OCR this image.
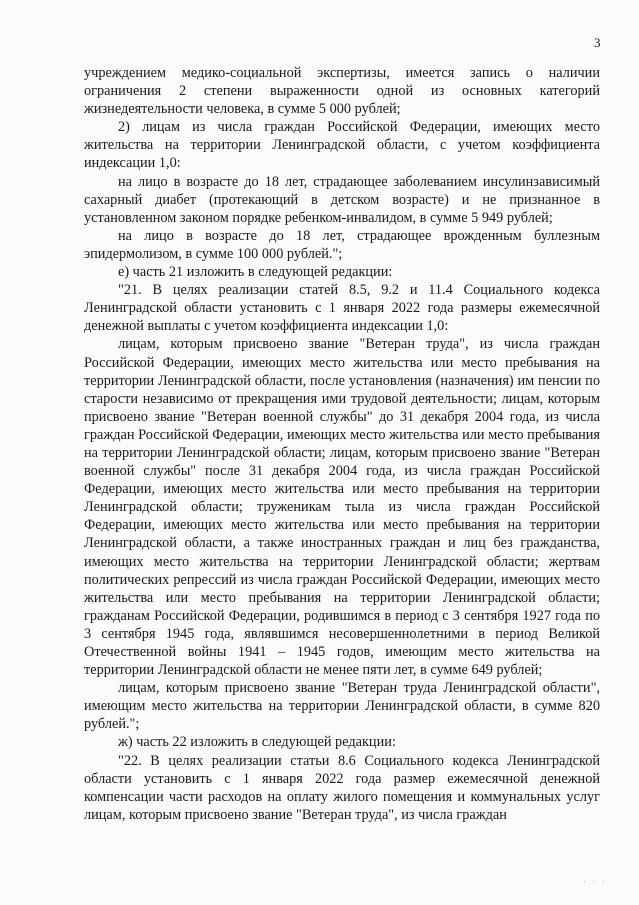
3

учреждением медико-социальной экспертизы, имеется запись о наличии ограничения 2 степени выраженности одной из основных категорий жизнедеятельности человека, в сумме 5 000 рублей;

2) лицам из числа граждан Российской Федерации, имеющих место жительства на территории Ленинградской области, с учетом коэффициента индексации 1,0:

на лицо в возрасте до 18 лет, страдающее заболеванием инсулинзависимый сахарный диабет (протекающий в детском возрасте) и не признанное в установленном законом порядке ребенком-инвалидом, в сумме 5 949 рублей;

на лицо в возрасте до 18 лет, страдающее врожденным буллезным эпидермолизом, в сумме 100 000 рублей.";

е) часть 21 изложить в следующей редакции:

"21. В целях реализации статей 8.5, 9.2 и 11.4 Социального кодекса Ленинградской области установить с 1 января 2022 года размеры ежемесячной денежной выплаты с учетом коэффициента индексации 1,0:

лицам, которым присвоено звание "Ветеран труда", из числа граждан Российской Федерации, имеющих место жительства или место пребывания на территории Ленинградской области, после установления (назначения) им пенсии по старости независимо от прекращения ими трудовой деятельности; лицам, которым присвоено звание "Ветеран военной службы" до 31 декабря 2004 года, из числа граждан Российской Федерации, имеющих место жительства или место пребывания на территории Ленинградской области; лицам, которым присвоено звание "Ветеран военной службы" после 31 декабря 2004 года, из числа граждан Российской Федерации, имеющих место жительства или место пребывания на территории Ленинградской области; труженикам тыла из числа граждан Российской Федерации, имеющих место жительства или место пребывания на территории Ленинградской области, а также иностранных граждан и лиц без гражданства, имеющих место жительства на территории Ленинградской области; жертвам политических репрессий из числа граждан Российской Федерации, имеющих место жительства или место пребывания на территории Ленинградской области; гражданам Российской Федерации, родившимся в период с 3 сентября 1927 года по 3 сентября 1945 года, являвшимся несовершеннолетними в период Великой Отечественной войны 1941 – 1945 годов, имеющим место жительства на территории Ленинградской области не менее пяти лет, в сумме 649 рублей;

лицам, которым присвоено звание "Ветеран труда Ленинградской области", имеющим место жительства на территории Ленинградской области, в сумме 820 рублей.";

ж) часть 22 изложить в следующей редакции:

"22. В целях реализации статьи 8.6 Социального кодекса Ленинградской области установить с 1 января 2022 года размер ежемесячной денежной компенсации части расходов на оплату жилого помещения и коммунальных услуг лицам, которым присвоено звание "Ветеран труда", из числа граждан

· · ·
